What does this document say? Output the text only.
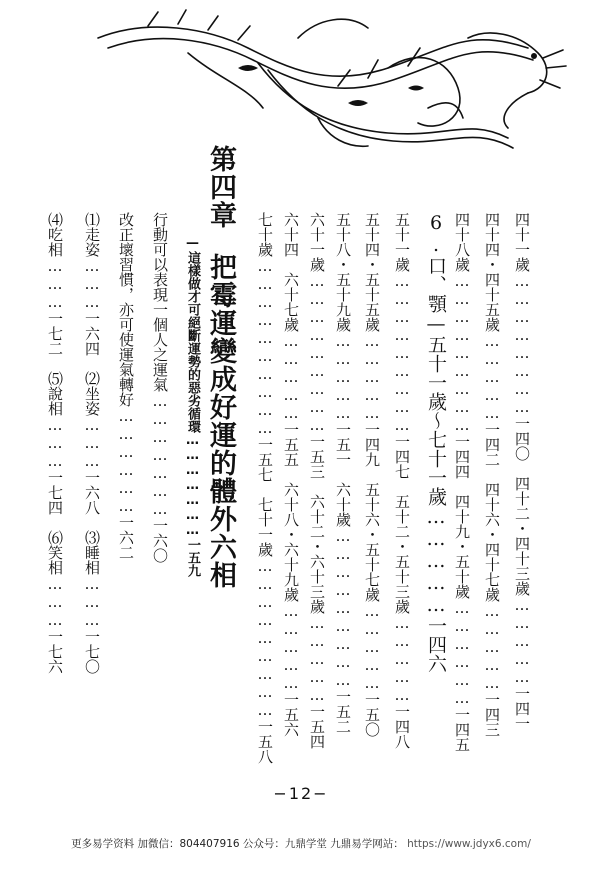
四十一歲……………………一四〇　四十二・四十三歲……………一四一
四十四・四十五歲……………一四二　四十六・四十七歲……………一四三
四十八歲………………………一四四　四十九・五十歲………………一四五
6.口、顎—五十一歲〜七十一歲……………一四六
五十一歲………………………一四七　五十二・五十三歲……………一四八
五十四・五十五歲……………一四九　五十六・五十七歲……………一五〇
五十八・五十九歲……………一五一　六十歲………………………一五二
六十一歲………………………一五三　六十二・六十三歲……………一五四
六十四　六十七歲……………一五五　六十八・六十九歲……………一五六
七十歲…………………………一五七　七十一歲………………………一五八
第四章把霉運變成好運的體外六相
—這樣做才可絕斷運勢的惡劣循環…………………一五九
行動可以表現一個人之運氣…………………一六〇
改正壞習慣，亦可使運氣轉好………………一六二
⑴走姿………一六四　⑵坐姿………一六八　⑶睡相………一七〇
⑷吃相………一七二　⑸說相………一七四　⑹笑相………一七六
−12−
更多易学资料 加微信：804407916 公众号：九鼎学堂 九鼎易学网站： https://www.jdyx6.com/
